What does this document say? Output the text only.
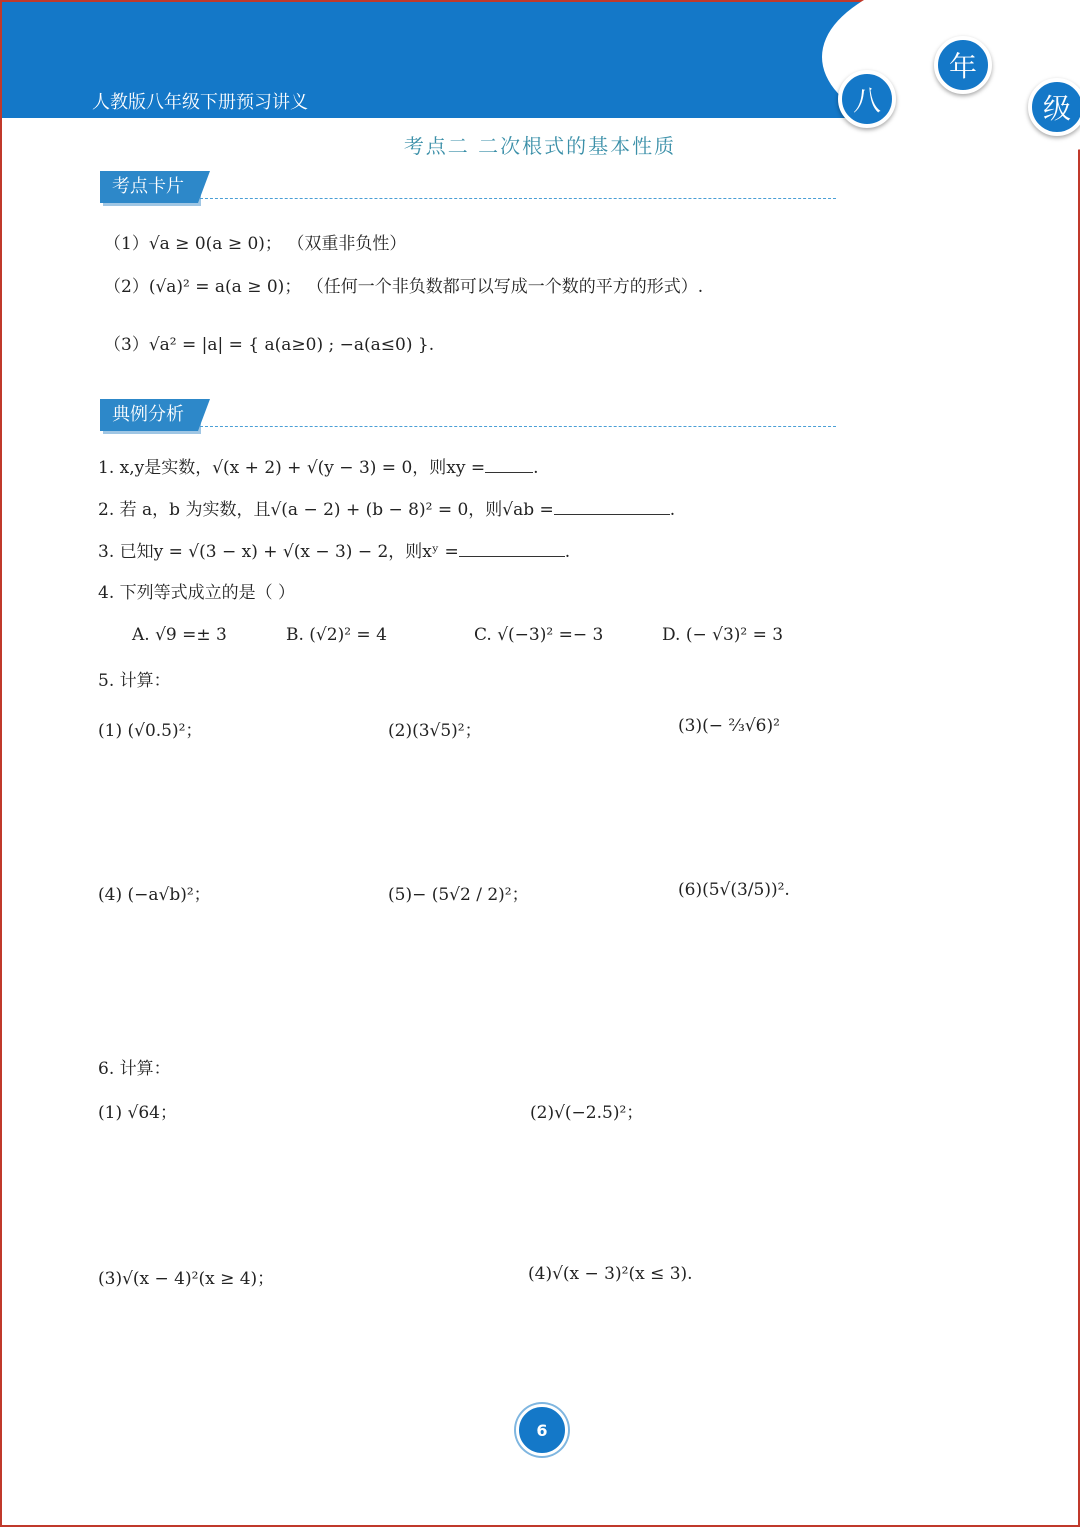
人教版八年级下册预习讲义	八
年
级
考点二 二次根式的基本性质
考点卡片
（1）√a ≥ 0(a ≥ 0)； （双重非负性）
（2）(√a)² = a(a ≥ 0)； （任何一个非负数都可以写成一个数的平方的形式）.
（3）√a² = |a| = { a(a≥0) ; −a(a≤0) }.
典例分析
1. x,y是实数，√(x + 2) + √(y − 3) = 0，则xy =	.
2. 若 a，b 为实数，且√(a − 2) + (b − 8)² = 0，则√ab =	.
3. 已知y = √(3 − x) + √(x − 3) − 2，则xʸ =	.
4. 下列等式成立的是（ ）
A. √9 =± 3	B. (√2)² = 4	C. √(−3)² =− 3	D. (− √3)² = 3
5. 计算：
(1) (√0.5)²；	(2)(3√5)²；	(3)(− ⅔√6)²
(4) (−a√b)²；	(5)− (5√2 / 2)²；	(6)(5√(3/5))².
6. 计算：
(1) √64；	(2)√(−2.5)²；
(3)√(x − 4)²(x ≥ 4)；	(4)√(x − 3)²(x ≤ 3).
6
